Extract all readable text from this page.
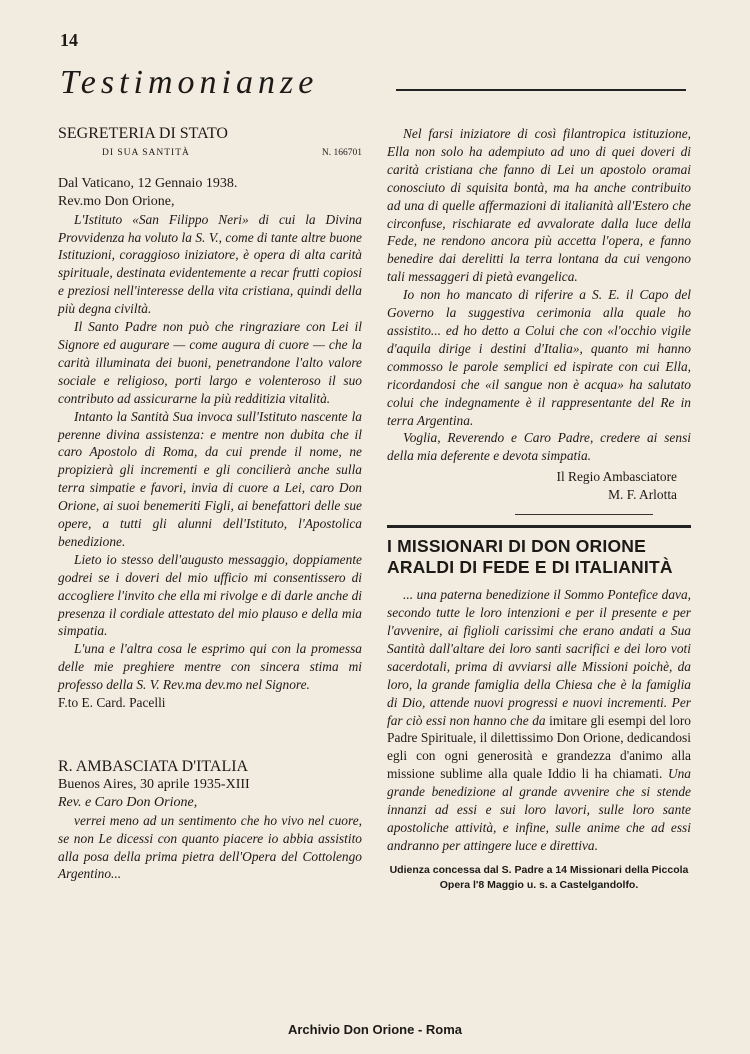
14
Testimonianze
SEGRETERIA DI STATO
DI SUA SANTITÀ	N. 166701

Dal Vaticano, 12 Gennaio 1938.

Rev.mo Don Orione,

L'Istituto «San Filippo Neri» di cui la Divina Provvidenza ha voluto la S. V., come di tante altre buone Istituzioni, coraggioso iniziatore, è opera di alta carità spirituale, destinata evidentemente a recar frutti copiosi e preziosi nell'interesse della vita cristiana, quindi della più degna civiltà.

Il Santo Padre non può che ringraziare con Lei il Signore ed augurare — come augura di cuore — che la carità illuminata dei buoni, penetrandone l'alto valore sociale e religioso, porti largo e volenteroso il suo contributo ad assicurarne la più redditizia vitalità.

Intanto la Santità Sua invoca sull'Istituto nascente la perenne divina assistenza: e mentre non dubita che il caro Apostolo di Roma, da cui prende il nome, ne propizierà gli incrementi e gli concilierà anche sulla terra simpatie e favori, invia di cuore a Lei, caro Don Orione, ai suoi benemeriti Figli, ai benefattori delle sue opere, a tutti gli alunni dell'Istituto, l'Apostolica benedizione.

Lieto io stesso dell'augusto messaggio, doppiamente godrei se i doveri del mio ufficio mi consentissero di accogliere l'invito che ella mi rivolge e di darle anche di presenza il cordiale attestato del mio plauso e della mia simpatia.

L'una e l'altra cosa le esprimo qui con la promessa delle mie preghiere mentre con sincera stima mi professo della S. V. Rev.ma dev.mo nel Signore.

F.to E. Card. Pacelli

R. AMBASCIATA D'ITALIA

Buenos Aires, 30 aprile 1935-XIII

Rev. e Caro Don Orione,

verrei meno ad un sentimento che ho vivo nel cuore, se non Le dicessi con quanto piacere io abbia assistito alla posa della prima pietra dell'Opera del Cottolengo Argentino...

Nel farsi iniziatore di così filantropica istituzione, Ella non solo ha adempiuto ad uno di quei doveri di carità cristiana che fanno di Lei un apostolo oramai conosciuto di squisita bontà, ma ha anche contribuito ad una di quelle affermazioni di italianità all'Estero che circonfuse, rischiarate ed avvalorate dalla luce della Fede, ne rendono ancora più accetta l'opera, e fanno benedire dai derelitti la terra lontana da cui vengono tali messaggeri di pietà evangelica.

Io non ho mancato di riferire a S. E. il Capo del Governo la suggestiva cerimonia alla quale ho assistito... ed ho detto a Colui che con «l'occhio vigile d'aquila dirige i destini d'Italia», quanto mi hanno commosso le parole semplici ed ispirate con cui Ella, ricordandosi che «il sangue non è acqua» ha salutato colui che indegnamente è il rappresentante del Re in terra Argentina.

Voglia, Reverendo e Caro Padre, credere ai sensi della mia deferente e devota simpatia.

Il Regio Ambasciatore
M. F. Arlotta
I MISSIONARI DI DON ORIONE ARALDI DI FEDE E DI ITALIANITÀ

... una paterna benedizione il Sommo Pontefice dava, secondo tutte le loro intenzioni e per il presente e per l'avvenire, ai figlioli carissimi che erano andati a Sua Santità dall'altare dei loro santi sacrifici e dei loro voti sacerdotali, prima di avviarsi alle Missioni poichè, da loro, la grande famiglia della Chiesa che è la famiglia di Dio, attende nuovi progressi e nuovi incrementi. Per far ciò essi non hanno che da imitare gli esempi del loro Padre Spirituale, il dilettissimo Don Orione, dedicandosi egli con ogni generosità e grandezza d'animo alla missione sublime alla quale Iddio li ha chiamati. Una grande benedizione al grande avvenire che si stende innanzi ad essi e sui loro lavori, sulle loro sante apostoliche attività, e infine, sulle anime che ad essi andranno per attingere luce e direttiva.

Udienza concessa dal S. Padre a 14 Missionari della Piccola Opera l'8 Maggio u. s. a Castelgandolfo.
Archivio Don Orione - Roma
